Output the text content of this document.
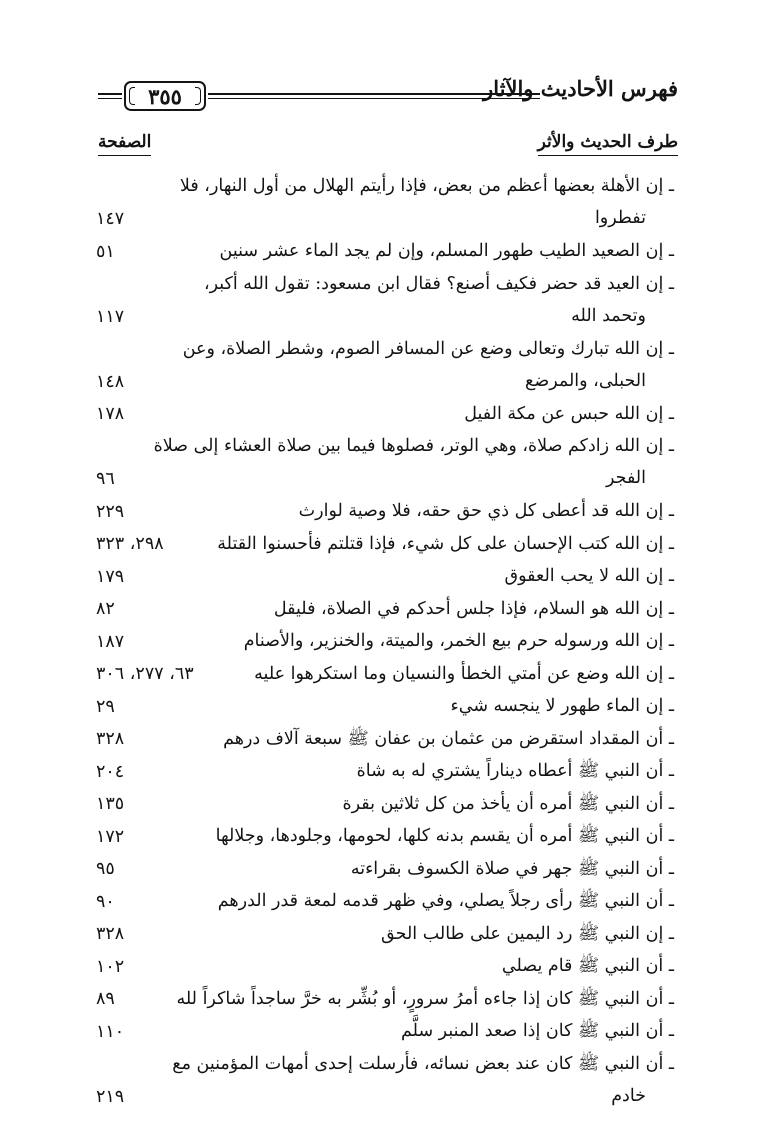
فهرس الأحاديث والآثار
٣٥٥
طرف الحديث والأثر
الصفحة
ـ إن الأهلة بعضها أعظم من بعض، فإذا رأيتم الهلال من أول النهار، فلا
تفطروا
١٤٧
ـ إن الصعيد الطيب طهور المسلم، وإن لم يجد الماء عشر سنين
٥١
ـ إن العيد قد حضر فكيف أصنع؟ فقال ابن مسعود: تقول الله أكبر،
وتحمد الله
١١٧
ـ إن الله تبارك وتعالى وضع عن المسافر الصوم، وشطر الصلاة، وعن
الحبلى، والمرضع
١٤٨
ـ إن الله حبس عن مكة الفيل
١٧٨
ـ إن الله زادكم صلاة، وهي الوتر، فصلوها فيما بين صلاة العشاء إلى صلاة
الفجر
٩٦
ـ إن الله قد أعطى كل ذي حق حقه، فلا وصية لوارث
٢٢٩
ـ إن الله كتب الإحسان على كل شيء، فإذا قتلتم فأحسنوا القتلة
٢٩٨، ٣٢٣
ـ إن الله لا يحب العقوق
١٧٩
ـ إن الله هو السلام، فإذا جلس أحدكم في الصلاة، فليقل
٨٢
ـ إن الله ورسوله حرم بيع الخمر، والميتة، والخنزير، والأصنام
١٨٧
ـ إن الله وضع عن أمتي الخطأ والنسيان وما استكرهوا عليه
٦٣، ٢٧٧، ٣٠٦
ـ إن الماء طهور لا ينجسه شيء
٢٩
ـ أن المقداد استقرض من عثمان بن عفان ﷺ سبعة آلاف درهم
٣٢٨
ـ أن النبي ﷺ أعطاه ديناراً يشتري له به شاة
٢٠٤
ـ أن النبي ﷺ أمره أن يأخذ من كل ثلاثين بقرة
١٣٥
ـ أن النبي ﷺ أمره أن يقسم بدنه كلها، لحومها، وجلودها، وجلالها
١٧٢
ـ أن النبي ﷺ جهر في صلاة الكسوف بقراءته
٩٥
ـ أن النبي ﷺ رأى رجلاً يصلي، وفي ظهر قدمه لمعة قدر الدرهم
٩٠
ـ إن النبي ﷺ رد اليمين على طالب الحق
٣٢٨
ـ أن النبي ﷺ قام يصلي
١٠٢
ـ أن النبي ﷺ كان إذا جاءه أمرُ سرورٍ، أو بُشِّر به خرَّ ساجداً شاكراً لله
٨٩
ـ أن النبي ﷺ كان إذا صعد المنبر سلَّم
١١٠
ـ أن النبي ﷺ كان عند بعض نسائه، فأرسلت إحدى أمهات المؤمنين مع
خادم
٢١٩
